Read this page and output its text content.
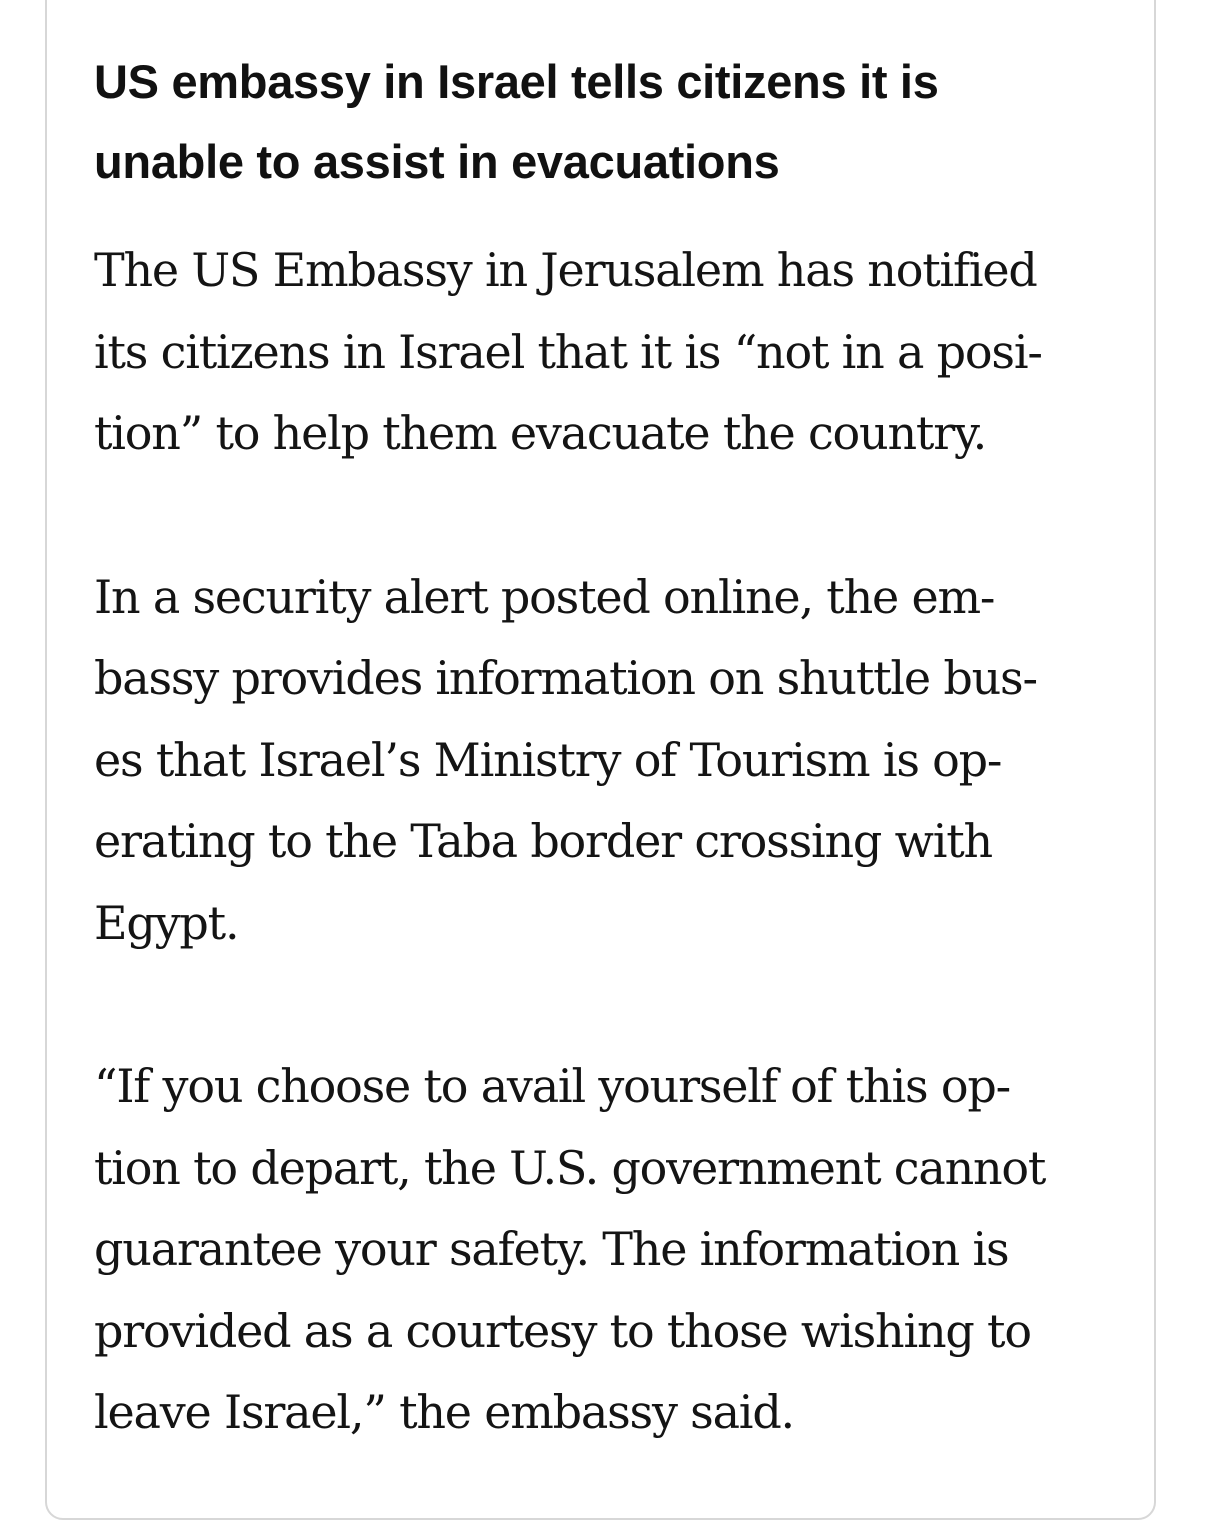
US embassy in Israel tells citizens it is
unable to assist in evacuations

The US Embassy in Jerusalem has notified
its citizens in Israel that it is “not in a posi-
tion” to help them evacuate the country.

In a security alert posted online, the em-
bassy provides information on shuttle bus-
es that Israel’s Ministry of Tourism is op-
erating to the Taba border crossing with
Egypt.

“If you choose to avail yourself of this op-
tion to depart, the U.S. government cannot
guarantee your safety. The information is
provided as a courtesy to those wishing to
leave Israel,” the embassy said.
